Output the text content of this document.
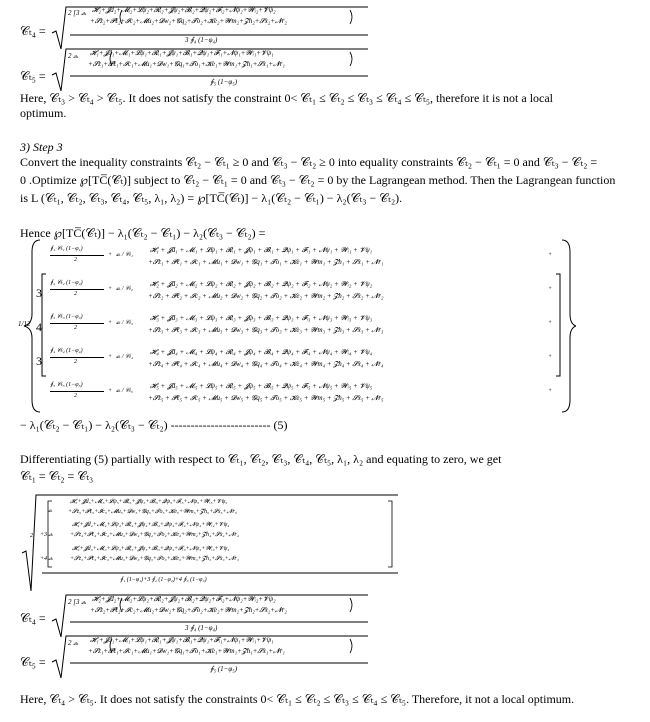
𝒞ₜ₄ =
2 [3 𝓈ₖ 𝓗₂+𝓙d₂+𝓜ᵢ₂+𝓛ψ₂+𝓡ᵢ₂+𝓙ψ₂+𝓑ᵢ₂+𝓠ψ₂+𝓕ᵢ₂+𝓝ψ₂+𝓦ᵢ₂+𝓥ψ₂
+𝓢z₂+𝓟ℓ₂+𝓘c₂+𝓜u₂+𝓓w₂+𝓖q₂+𝓣o₂+𝓚e₂+𝓦m₂+𝓩h₂+𝓢x₂+𝓝r₂
3 ∮₄ (1−φ₄)
𝒞ₜ₅ =
2 𝓈ₖ 𝓗₁+𝓙d₁+𝓜ᵢ₁+𝓛ψ₁+𝓡ᵢ₁+𝓙ψ₁+𝓑ᵢ₁+𝓠ψ₁+𝓕ᵢ₁+𝓝ψ₁+𝓦ᵢ₁+𝓥ψ₁
+𝓢z₁+𝓟ℓ₁+𝓘c₁+𝓜u₁+𝓓w₁+𝓖q₁+𝓣o₁+𝓚e₁+𝓦m₁+𝓩h₁+𝓢x₁+𝓝r₁
∮₅ (1−φ₅)
Here, 𝒞ₜ₃ > 𝒞ₜ₄ > 𝒞ₜ₅. It does not satisfy the constraint 0< 𝒞ₜ₁ ≤ 𝒞ₜ₂ ≤ 𝒞ₜ₃ ≤ 𝒞ₜ₄ ≤ 𝒞ₜ₅, therefore it is not a local
optimum.
3) Step 3
Convert the inequality constraints 𝒞ₜ₂ − 𝒞ₜ₁ ≥ 0 and 𝒞ₜ₃ − 𝒞ₜ₂ ≥ 0 into equality constraints 𝒞ₜ₂ − 𝒞ₜ₁ = 0 and 𝒞ₜ₃ − 𝒞ₜ₂ =
0 .Optimize ℘[TC̅(𝒞ₜ)] subject to 𝒞ₜ₂ − 𝒞ₜ₁ = 0 and 𝒞ₜ₃ − 𝒞ₜ₂ = 0 by the Lagrangean method. Then the Lagrangean function
is L (𝒞ₜ₁, 𝒞ₜ₂, 𝒞ₜ₃, 𝒞ₜ₄, 𝒞ₜ₅, λ₁, λ₂) = ℘[TC̅(𝒞ₜ)] − λ₁(𝒞ₜ₂ − 𝒞ₜ₁) − λ₂(𝒞ₜ₃ − 𝒞ₜ₂).
Hence ℘[TC̅(𝒞ₜ)] − λ₁(𝒞ₜ₂ − 𝒞ₜ₁) − λ₂(𝒞ₜ₃ − 𝒞ₜ₂) =
1/12
∮₁ 𝒞ₜ₁ (1−φ₁)
2
+ 𝓈ₖ / 𝒞ₜ₁
𝓗₁ + 𝓙d₁ + 𝓜ᵢ₁ + 𝓛ψ₁ + 𝓡ᵢ₁ + 𝓙ψ₁ + 𝓑ᵢ₁ + 𝓠ψ₁ + 𝓕ᵢ₁ + 𝓝ψ₁ + 𝓦ᵢ₁ + 𝓥ψ₁
+𝓢z₁ + 𝓟ℓ₁ + 𝓘c₁ + 𝓜u₁ + 𝓓w₁ + 𝓖q₁ + 𝓣o₁ + 𝓚e₁ + 𝓦m₁ + 𝓩h₁ + 𝓢x₁ + 𝓝r₁
+
3
∮₂ 𝒞ₜ₂ (1−φ₂)
2
+ 𝓈ₖ / 𝒞ₜ₂
𝓗₂ + 𝓙d₂ + 𝓜ᵢ₂ + 𝓛ψ₂ + 𝓡ᵢ₂ + 𝓙ψ₂ + 𝓑ᵢ₂ + 𝓠ψ₂ + 𝓕ᵢ₂ + 𝓝ψ₂ + 𝓦ᵢ₂ + 𝓥ψ₂
+𝓢z₂ + 𝓟ℓ₂ + 𝓘c₂ + 𝓜u₂ + 𝓓w₂ + 𝓖q₂ + 𝓣o₂ + 𝓚e₂ + 𝓦m₂ + 𝓩h₂ + 𝓢x₂ + 𝓝r₂
+
4
∮₃ 𝒞ₜ₃ (1−φ₃)
2
+ 𝓈ₖ / 𝒞ₜ₃
𝓗₃ + 𝓙d₃ + 𝓜ᵢ₃ + 𝓛ψ₃ + 𝓡ᵢ₃ + 𝓙ψ₃ + 𝓑ᵢ₃ + 𝓠ψ₃ + 𝓕ᵢ₃ + 𝓝ψ₃ + 𝓦ᵢ₃ + 𝓥ψ₃
+𝓢z₃ + 𝓟ℓ₃ + 𝓘c₃ + 𝓜u₃ + 𝓓w₃ + 𝓖q₃ + 𝓣o₃ + 𝓚e₃ + 𝓦m₃ + 𝓩h₃ + 𝓢x₃ + 𝓝r₃
+
3
∮₄ 𝒞ₜ₄ (1−φ₄)
2
+ 𝓈ₖ / 𝒞ₜ₄
𝓗₄ + 𝓙d₄ + 𝓜ᵢ₄ + 𝓛ψ₄ + 𝓡ᵢ₄ + 𝓙ψ₄ + 𝓑ᵢ₄ + 𝓠ψ₄ + 𝓕ᵢ₄ + 𝓝ψ₄ + 𝓦ᵢ₄ + 𝓥ψ₄
+𝓢z₄ + 𝓟ℓ₄ + 𝓘c₄ + 𝓜u₄ + 𝓓w₄ + 𝓖q₄ + 𝓣o₄ + 𝓚e₄ + 𝓦m₄ + 𝓩h₄ + 𝓢x₄ + 𝓝r₄
+
∮₅ 𝒞ₜ₅ (1−φ₅)
2
+ 𝓈ₖ / 𝒞ₜ₅
𝓗₅ + 𝓙d₅ + 𝓜ᵢ₅ + 𝓛ψ₅ + 𝓡ᵢ₅ + 𝓙ψ₅ + 𝓑ᵢ₅ + 𝓠ψ₅ + 𝓕ᵢ₅ + 𝓝ψ₅ + 𝓦ᵢ₅ + 𝓥ψ₅
+𝓢z₅ + 𝓟ℓ₅ + 𝓘c₅ + 𝓜u₅ + 𝓓w₅ + 𝓖q₅ + 𝓣o₅ + 𝓚e₅ + 𝓦m₅ + 𝓩h₅ + 𝓢x₅ + 𝓝r₅
+
− λ₁(𝒞ₜ₂ − 𝒞ₜ₁) − λ₂(𝒞ₜ₃ − 𝒞ₜ₂) ------------------------- (5)
Differentiating (5) partially with respect to 𝒞ₜ₁, 𝒞ₜ₂, 𝒞ₜ₃, 𝒞ₜ₄, 𝒞ₜ₅, λ₁, λ₂ and equating to zero, we get
𝒞ₜ₁ = 𝒞ₜ₂ = 𝒞ₜ₃
2
𝓈ₖ
𝓗₅+𝓙d₅+𝓜ᵢ₅+𝓛ψ₅+𝓡ᵢ₅+𝓙ψ₅+𝓑ᵢ₅+𝓠ψ₅+𝓕ᵢ₅+𝓝ψ₅+𝓦ᵢ₅+𝓥ψ₅
+𝓢z₅+𝓟ℓ₅+𝓘c₅+𝓜u₅+𝓓w₅+𝓖q₅+𝓣o₅+𝓚e₅+𝓦m₅+𝓩h₅+𝓢x₅+𝓝r₅
+3 𝓈ₖ
𝓗₄+𝓙d₄+𝓜ᵢ₄+𝓛ψ₄+𝓡ᵢ₄+𝓙ψ₄+𝓑ᵢ₄+𝓠ψ₄+𝓕ᵢ₄+𝓝ψ₄+𝓦ᵢ₄+𝓥ψ₄
+𝓢z₄+𝓟ℓ₄+𝓘c₄+𝓜u₄+𝓓w₄+𝓖q₄+𝓣o₄+𝓚e₄+𝓦m₄+𝓩h₄+𝓢x₄+𝓝r₄
+4 𝓈ₖ
𝓗₃+𝓙d₃+𝓜ᵢ₃+𝓛ψ₃+𝓡ᵢ₃+𝓙ψ₃+𝓑ᵢ₃+𝓠ψ₃+𝓕ᵢ₃+𝓝ψ₃+𝓦ᵢ₃+𝓥ψ₃
+𝓢z₃+𝓟ℓ₃+𝓘c₃+𝓜u₃+𝓓w₃+𝓖q₃+𝓣o₃+𝓚e₃+𝓦m₃+𝓩h₃+𝓢x₃+𝓝r₃
∮₁ (1−φ₁)+3 ∮₂ (1−φ₂)+4 ∮₃ (1−φ₃)
𝒞ₜ₄ =
2 [3 𝓈ₖ 𝓗₂+𝓙d₂+𝓜ᵢ₂+𝓛ψ₂+𝓡ᵢ₂+𝓙ψ₂+𝓑ᵢ₂+𝓠ψ₂+𝓕ᵢ₂+𝓝ψ₂+𝓦ᵢ₂+𝓥ψ₂
+𝓢z₂+𝓟ℓ₂+𝓘c₂+𝓜u₂+𝓓w₂+𝓖q₂+𝓣o₂+𝓚e₂+𝓦m₂+𝓩h₂+𝓢x₂+𝓝r₂
3 ∮₄ (1−φ₄)
𝒞ₜ₅ =
2 𝓈ₖ 𝓗₁+𝓙d₁+𝓜ᵢ₁+𝓛ψ₁+𝓡ᵢ₁+𝓙ψ₁+𝓑ᵢ₁+𝓠ψ₁+𝓕ᵢ₁+𝓝ψ₁+𝓦ᵢ₁+𝓥ψ₁
+𝓢z₁+𝓟ℓ₁+𝓘c₁+𝓜u₁+𝓓w₁+𝓖q₁+𝓣o₁+𝓚e₁+𝓦m₁+𝓩h₁+𝓢x₁+𝓝r₁
∮₅ (1−φ₅)
Here, 𝒞ₜ₄ > 𝒞ₜ₅. It does not satisfy the constraints 0< 𝒞ₜ₁ ≤ 𝒞ₜ₂ ≤ 𝒞ₜ₃ ≤ 𝒞ₜ₄ ≤ 𝒞ₜ₅. Therefore, it not a local optimum.
